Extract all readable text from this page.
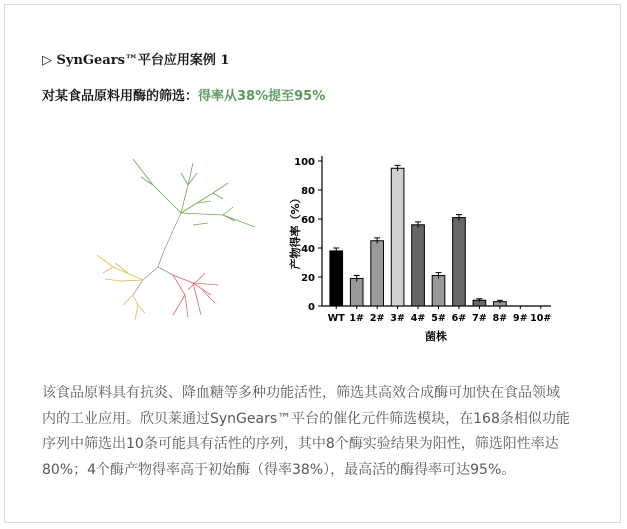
▷ SynGears™平台应用案例 1
对某食品原料用酶的筛选：得率从38%提至95%
0
20
40
60
80
100
WT 1# 2# 3# 4# 5# 6# 7# 8# 9# 10#
产物得率（%）
菌株

该食品原料具有抗炎、降血糖等多种功能活性，筛选其高效合成酶可加快在食品领域

内的工业应用。欣贝莱通过SynGears™平台的催化元件筛选模块，在168条相似功能

序列中筛选出10条可能具有活性的序列，其中8个酶实验结果为阳性，筛选阳性率达

80%；4个酶产物得率高于初始酶（得率38%），最高活的酶得率可达95%。
